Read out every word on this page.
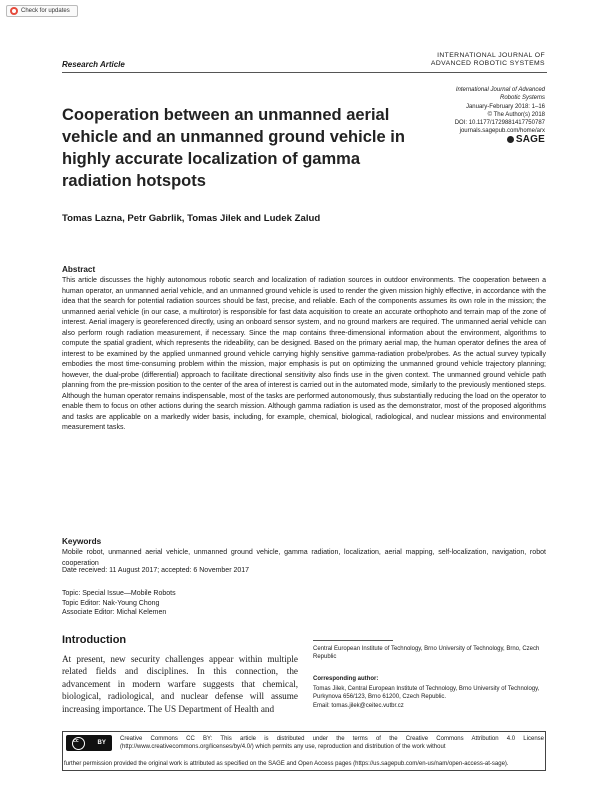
Check for updates
Research Article
INTERNATIONAL JOURNAL OF
ADVANCED ROBOTIC SYSTEMS
International Journal of Advanced
Robotic Systems
January-February 2018: 1–16
© The Author(s) 2018
DOI: 10.1177/1729881417750787
journals.sagepub.com/home/arx
SAGE
Cooperation between an unmanned aerial vehicle and an unmanned ground vehicle in highly accurate localization of gamma radiation hotspots
Tomas Lazna, Petr Gabrlik, Tomas Jilek and Ludek Zalud
Abstract
This article discusses the highly autonomous robotic search and localization of radiation sources in outdoor environments. The cooperation between a human operator, an unmanned aerial vehicle, and an unmanned ground vehicle is used to render the given mission highly effective, in accordance with the idea that the search for potential radiation sources should be fast, precise, and reliable. Each of the components assumes its own role in the mission; the unmanned aerial vehicle (in our case, a multirotor) is responsible for fast data acquisition to create an accurate orthophoto and terrain map of the zone of interest. Aerial imagery is georeferenced directly, using an onboard sensor system, and no ground markers are required. The unmanned aerial vehicle can also perform rough radiation measurement, if necessary. Since the map contains three-dimensional information about the environment, algorithms to compute the spatial gradient, which represents the rideability, can be designed. Based on the primary aerial map, the human operator defines the area of interest to be examined by the applied unmanned ground vehicle carrying highly sensitive gamma-radiation probe/probes. As the actual survey typically embodies the most time-consuming problem within the mission, major emphasis is put on optimizing the unmanned ground vehicle trajectory planning; however, the dual-probe (differential) approach to facilitate directional sensitivity also finds use in the given context. The unmanned ground vehicle path planning from the pre-mission position to the center of the area of interest is carried out in the automated mode, similarly to the previously mentioned steps. Although the human operator remains indispensable, most of the tasks are performed autonomously, thus substantially reducing the load on the operator to enable them to focus on other actions during the search mission. Although gamma radiation is used as the demonstrator, most of the proposed algorithms and tasks are applicable on a markedly wider basis, including, for example, chemical, biological, radiological, and nuclear missions and environmental measurement tasks.
Keywords
Mobile robot, unmanned aerial vehicle, unmanned ground vehicle, gamma radiation, localization, aerial mapping, self-localization, navigation, robot cooperation
Date received: 11 August 2017; accepted: 6 November 2017
Topic: Special Issue—Mobile Robots
Topic Editor: Nak-Young Chong
Associate Editor: Michal Kelemen
Introduction
At present, new security challenges appear within multiple related fields and disciplines. In this connection, the advancement in modern warfare suggests that chemical, biological, radiological, and nuclear defense will assume increasing importance. The US Department of Health and
Central European Institute of Technology, Brno University of Technology, Brno, Czech Republic
Corresponding author:
Tomas Jilek, Central European Institute of Technology, Brno University of Technology, Purkynova 656/123, Brno 61200, Czech Republic.
Email: tomas.jilek@ceitec.vutbr.cz
cc	BY
Creative Commons CC BY: This article is distributed under the terms of the Creative Commons Attribution 4.0 License (http://www.creativecommons.org/licenses/by/4.0/) which permits any use, reproduction and distribution of the work without
further permission provided the original work is attributed as specified on the SAGE and Open Access pages (https://us.sagepub.com/en-us/nam/open-access-at-sage).
